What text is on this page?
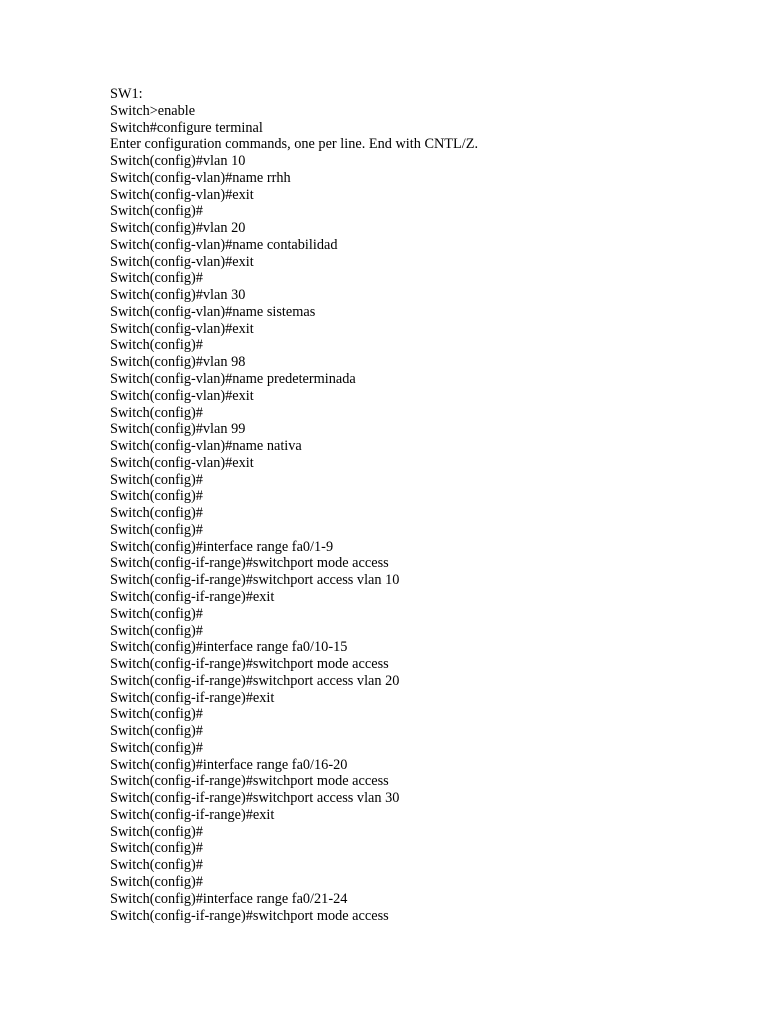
SW1:
Switch>enable
Switch#configure terminal
Enter configuration commands, one per line. End with CNTL/Z.
Switch(config)#vlan 10
Switch(config-vlan)#name rrhh
Switch(config-vlan)#exit
Switch(config)#
Switch(config)#vlan 20
Switch(config-vlan)#name contabilidad
Switch(config-vlan)#exit
Switch(config)#
Switch(config)#vlan 30
Switch(config-vlan)#name sistemas
Switch(config-vlan)#exit
Switch(config)#
Switch(config)#vlan 98
Switch(config-vlan)#name predeterminada
Switch(config-vlan)#exit
Switch(config)#
Switch(config)#vlan 99
Switch(config-vlan)#name nativa
Switch(config-vlan)#exit
Switch(config)#
Switch(config)#
Switch(config)#
Switch(config)#
Switch(config)#interface range fa0/1-9
Switch(config-if-range)#switchport mode access
Switch(config-if-range)#switchport access vlan 10
Switch(config-if-range)#exit
Switch(config)#
Switch(config)#
Switch(config)#interface range fa0/10-15
Switch(config-if-range)#switchport mode access
Switch(config-if-range)#switchport access vlan 20
Switch(config-if-range)#exit
Switch(config)#
Switch(config)#
Switch(config)#
Switch(config)#interface range fa0/16-20
Switch(config-if-range)#switchport mode access
Switch(config-if-range)#switchport access vlan 30
Switch(config-if-range)#exit
Switch(config)#
Switch(config)#
Switch(config)#
Switch(config)#
Switch(config)#interface range fa0/21-24
Switch(config-if-range)#switchport mode access
